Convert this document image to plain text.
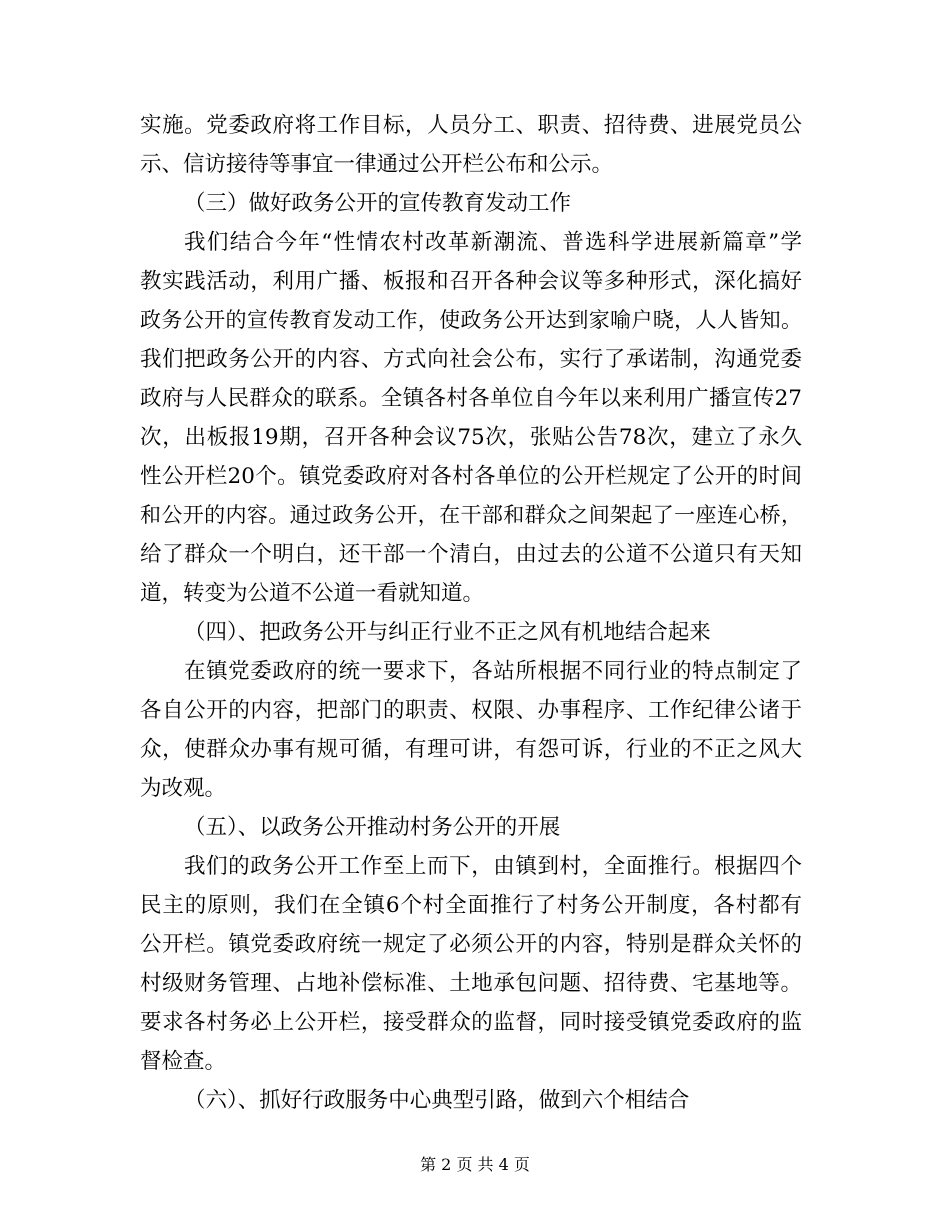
实施。党委政府将工作目标，人员分工、职责、招待费、进展党员公
示、信访接待等事宜一律通过公开栏公布和公示。
（三）做好政务公开的宣传教育发动工作
我们结合今年“性情农村改革新潮流、普选科学进展新篇章”学
教实践活动，利用广播、板报和召开各种会议等多种形式，深化搞好
政务公开的宣传教育发动工作，使政务公开达到家喻户晓，人人皆知。
我们把政务公开的内容、方式向社会公布，实行了承诺制，沟通党委
政府与人民群众的联系。全镇各村各单位自今年以来利用广播宣传27
次，出板报19期，召开各种会议75次，张贴公告78次，建立了永久
性公开栏20个。镇党委政府对各村各单位的公开栏规定了公开的时间
和公开的内容。通过政务公开，在干部和群众之间架起了一座连心桥，
给了群众一个明白，还干部一个清白，由过去的公道不公道只有天知
道，转变为公道不公道一看就知道。
（四）、把政务公开与纠正行业不正之风有机地结合起来
在镇党委政府的统一要求下，各站所根据不同行业的特点制定了
各自公开的内容，把部门的职责、权限、办事程序、工作纪律公诸于
众，使群众办事有规可循，有理可讲，有怨可诉，行业的不正之风大
为改观。
（五）、以政务公开推动村务公开的开展
我们的政务公开工作至上而下，由镇到村，全面推行。根据四个
民主的原则，我们在全镇6个村全面推行了村务公开制度，各村都有
公开栏。镇党委政府统一规定了必须公开的内容，特别是群众关怀的
村级财务管理、占地补偿标准、土地承包问题、招待费、宅基地等。
要求各村务必上公开栏，接受群众的监督，同时接受镇党委政府的监
督检查。
（六）、抓好行政服务中心典型引路，做到六个相结合
第 2 页 共 4 页
